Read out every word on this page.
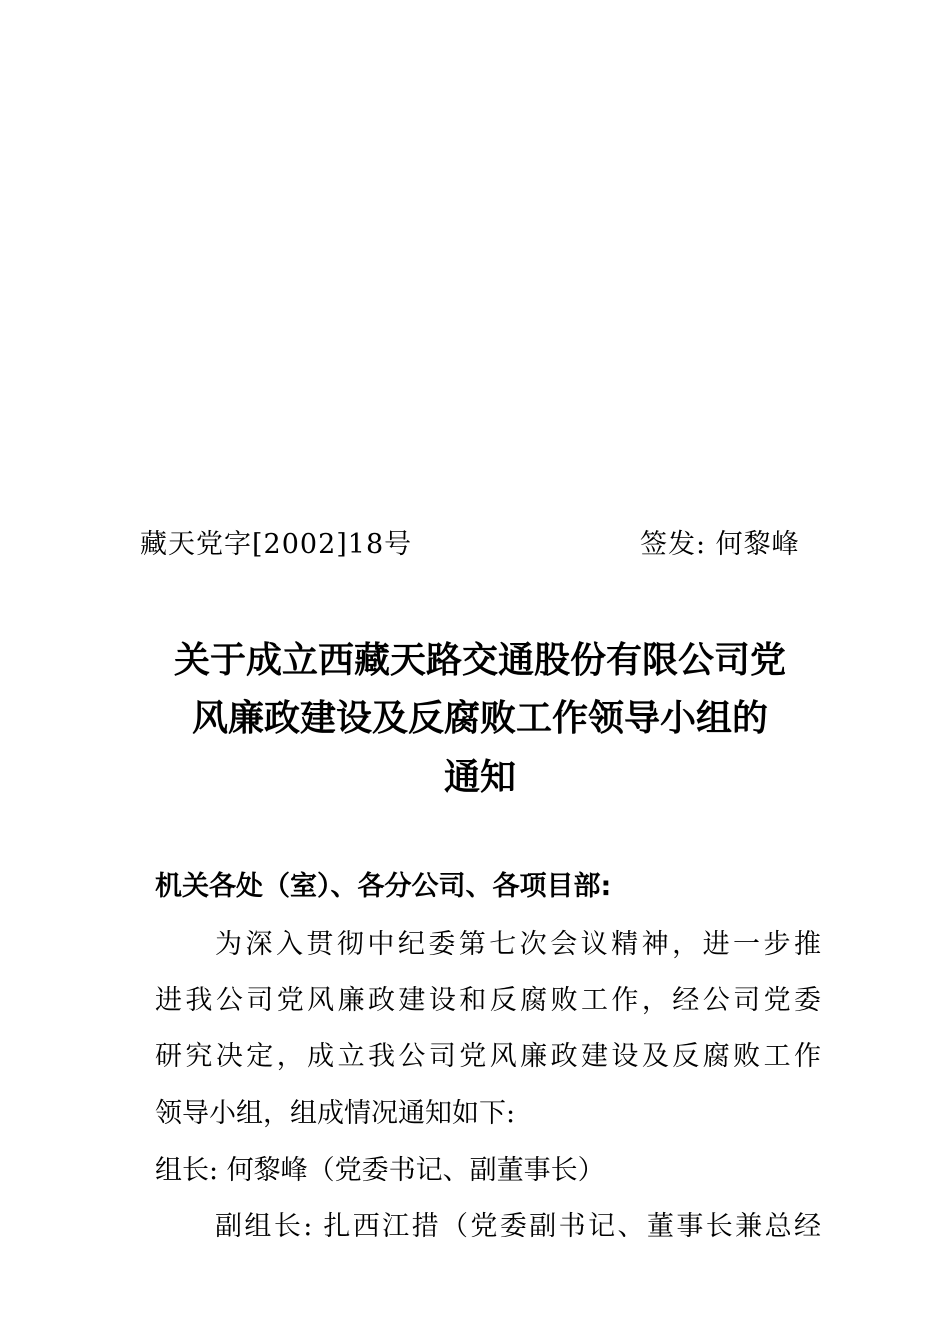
藏天党字[2002]18号	签发: 何黎峰
关于成立西藏天路交通股份有限公司党
风廉政建设及反腐败工作领导小组的
通知
机关各处（室）、各分公司、各项目部:
为深入贯彻中纪委第七次会议精神，进一步推
进我公司党风廉政建设和反腐败工作，经公司党委
研究决定，成立我公司党风廉政建设及反腐败工作
领导小组，组成情况通知如下:
组长: 何黎峰（党委书记、副董事长）
副组长: 扎西江措（党委副书记、董事长兼总经
